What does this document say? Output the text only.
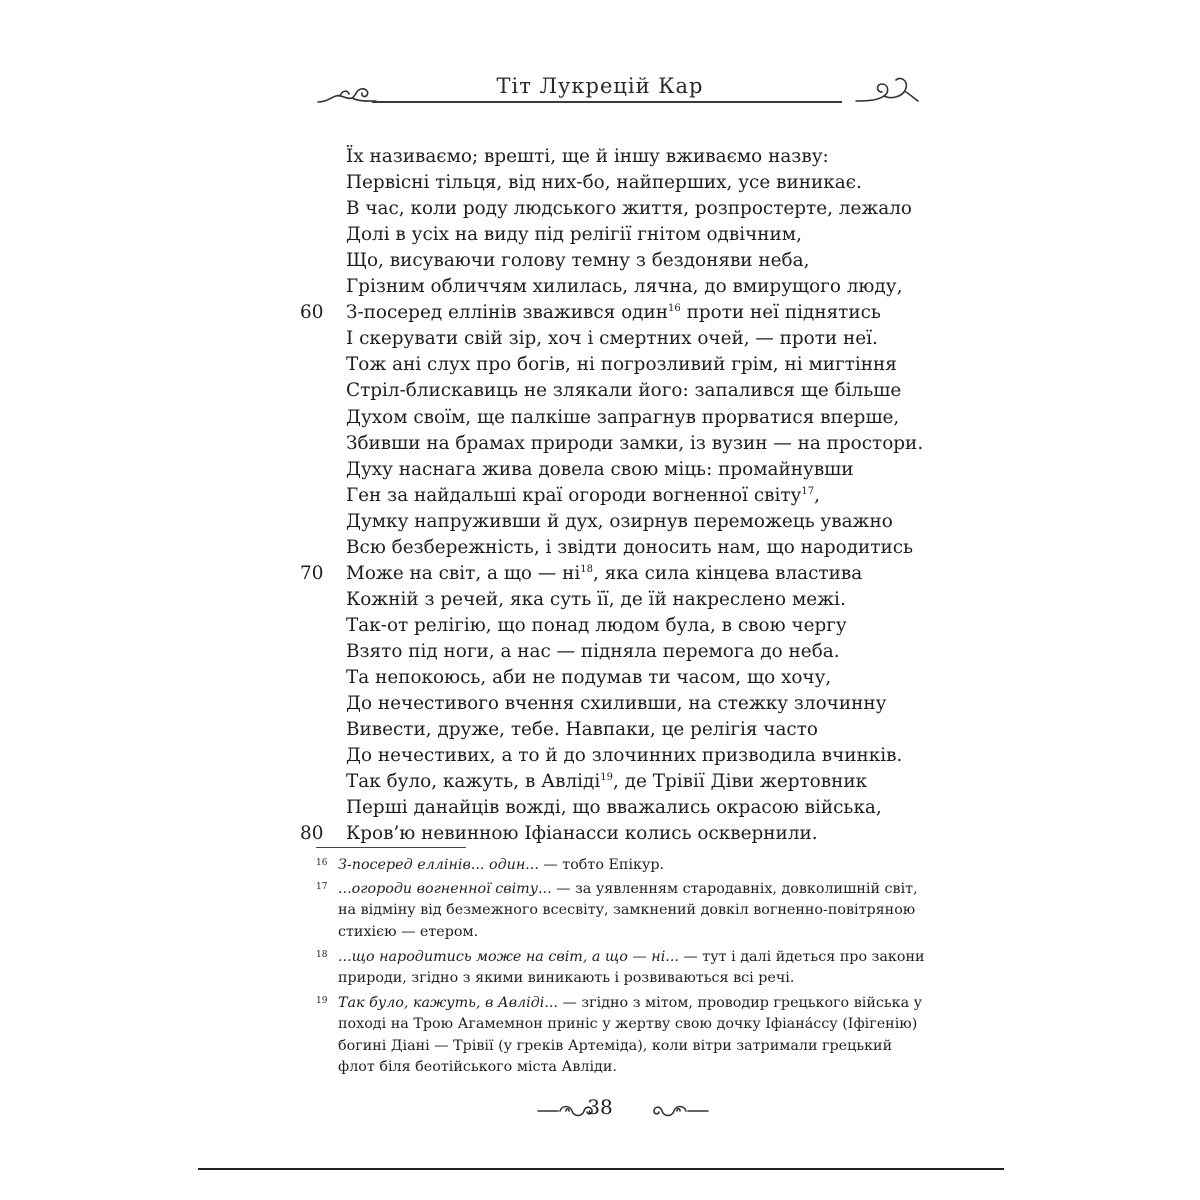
Тіт Лукрецій Кар
Їх називаємо; врешті, ще й іншу вживаємо назву:
Первісні тільця, від них-бо, найперших, усе виникає.
В час, коли роду людського життя, розпростерте, лежало
Долі в усіх на виду під релігії гнітом одвічним,
Що, висуваючи голову темну з бездоняви неба,
Грізним обличчям хилилась, лячна, до вмирущого люду,
60 З-посеред еллінів зважився один$^{16}$ проти неї піднятись
І скерувати свій зір, хоч і смертних очей, — проти неї.
Тож ані слух про богів, ні погрозливий грім, ні мигтіння
Стріл-блискавиць не злякали його: запалився ще більше
Духом своїм, ще палкіше запрагнув прорватися вперше,
Збивши на брамах природи замки, із вузин — на простори.
Духу наснага жива довела свою міць: промайнувши
Ген за найдальші краї огороди вогненної світу$^{17}$,
Думку напруживши й дух, озирнув переможець уважно
Всю безбережність, і звідти доносить нам, що народитись
70 Може на світ, а що — ні$^{18}$, яка сила кінцева властива
Кожній з речей, яка суть її, де їй накреслено межі.
Так-от релігію, що понад людом була, в свою чергу
Взято під ноги, а нас — підняла перемога до неба.
Та непокоюсь, аби не подумав ти часом, що хочу,
До нечестивого вчення схиливши, на стежку злочинну
Вивести, друже, тебе. Навпаки, це релігія часто
До нечестивих, а то й до злочинних призводила вчинків.
Так було, кажуть, в Авліді$^{19}$, де Трівії Діви жертовник
Перші данайців вожді, що вважались окрасою війська,
80 Кров’ю невинною Іфіанасси колись осквернили.
16 З-посеред еллінів... один... — тобто Епікур.
17 ...огороди вогненної світу... — за уявленням стародавніх, довколишній світ, на відміну від безмежного всесвіту, замкнений довкіл вогненно-повітряною стихією — етером.
18 ...що народитись може на світ, а що — ні... — тут і далі йдеться про закони природи, згідно з якими виникають і розвиваються всі речі.
19 Так було, кажуть, в Авліді... — згідно з мітом, проводир грецького війська у поході на Трою Агамемнон приніс у жертву свою дочку Іфіана́ссу (Іфігенію) богині Діані — Трівії (у греків Артеміда), коли вітри затримали грецький флот біля беотійського міста Авліди.
38
